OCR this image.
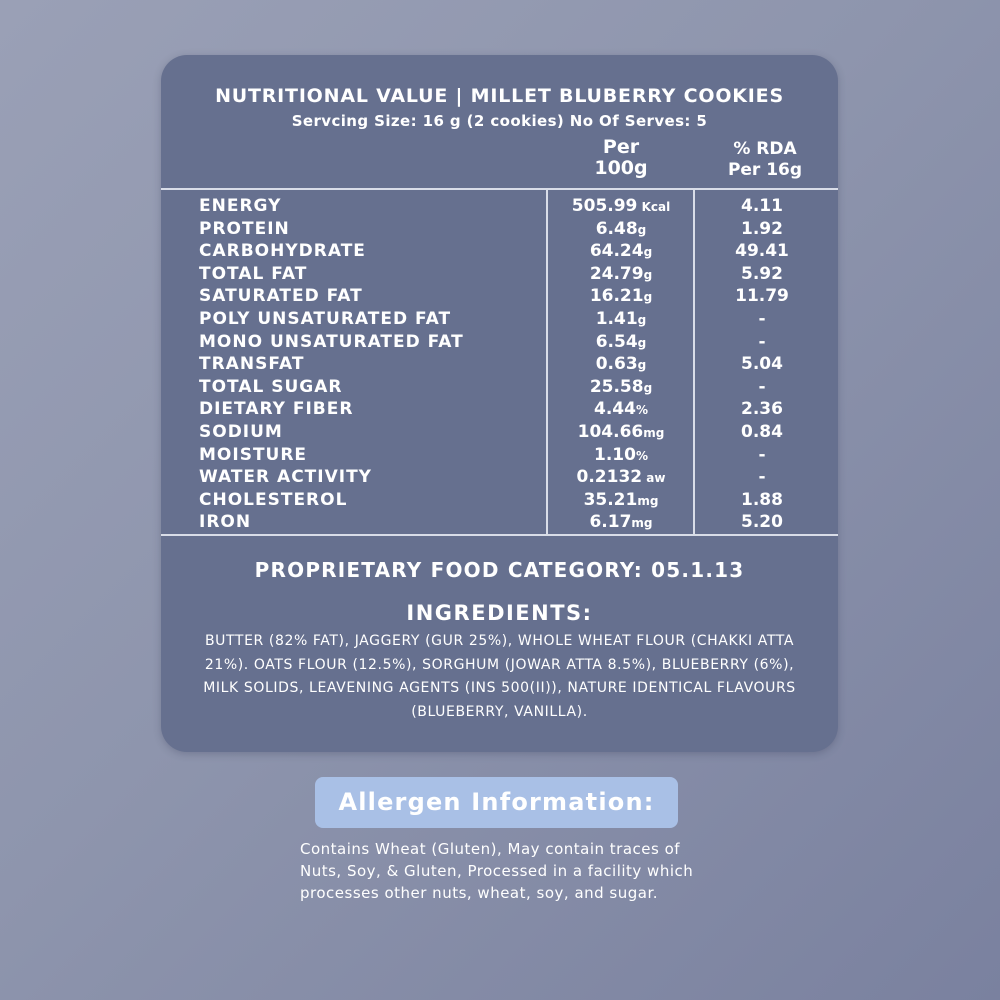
NUTRITIONAL VALUE | MILLET BLUBERRY COOKIES
Servcing Size: 16 g (2 cookies) No Of Serves: 5
Per
100g
% RDA
Per 16g
ENERGY	505.99 Kcal	4.11
PROTEIN	6.48g	1.92
CARBOHYDRATE	64.24g	49.41
TOTAL FAT	24.79g	5.92
SATURATED FAT	16.21g	11.79
POLY UNSATURATED FAT	1.41g	-
MONO UNSATURATED FAT	6.54g	-
TRANSFAT	0.63g	5.04
TOTAL SUGAR	25.58g	-
DIETARY FIBER	4.44%	2.36
SODIUM	104.66mg	0.84
MOISTURE	1.10%	-
WATER ACTIVITY	0.2132 aw	-
CHOLESTEROL	35.21mg	1.88
IRON	6.17mg	5.20
PROPRIETARY FOOD CATEGORY: 05.1.13
INGREDIENTS:
BUTTER (82% FAT), JAGGERY (GUR 25%), WHOLE WHEAT FLOUR (CHAKKI ATTA 21%). OATS FLOUR (12.5%), SORGHUM (JOWAR ATTA 8.5%), BLUEBERRY (6%), MILK SOLIDS, LEAVENING AGENTS (INS 500(II)), NATURE IDENTICAL FLAVOURS (BLUEBERRY, VANILLA).
Allergen Information:
Contains Wheat (Gluten), May contain traces of Nuts, Soy, & Gluten, Processed in a facility which processes other nuts, wheat, soy, and sugar.
